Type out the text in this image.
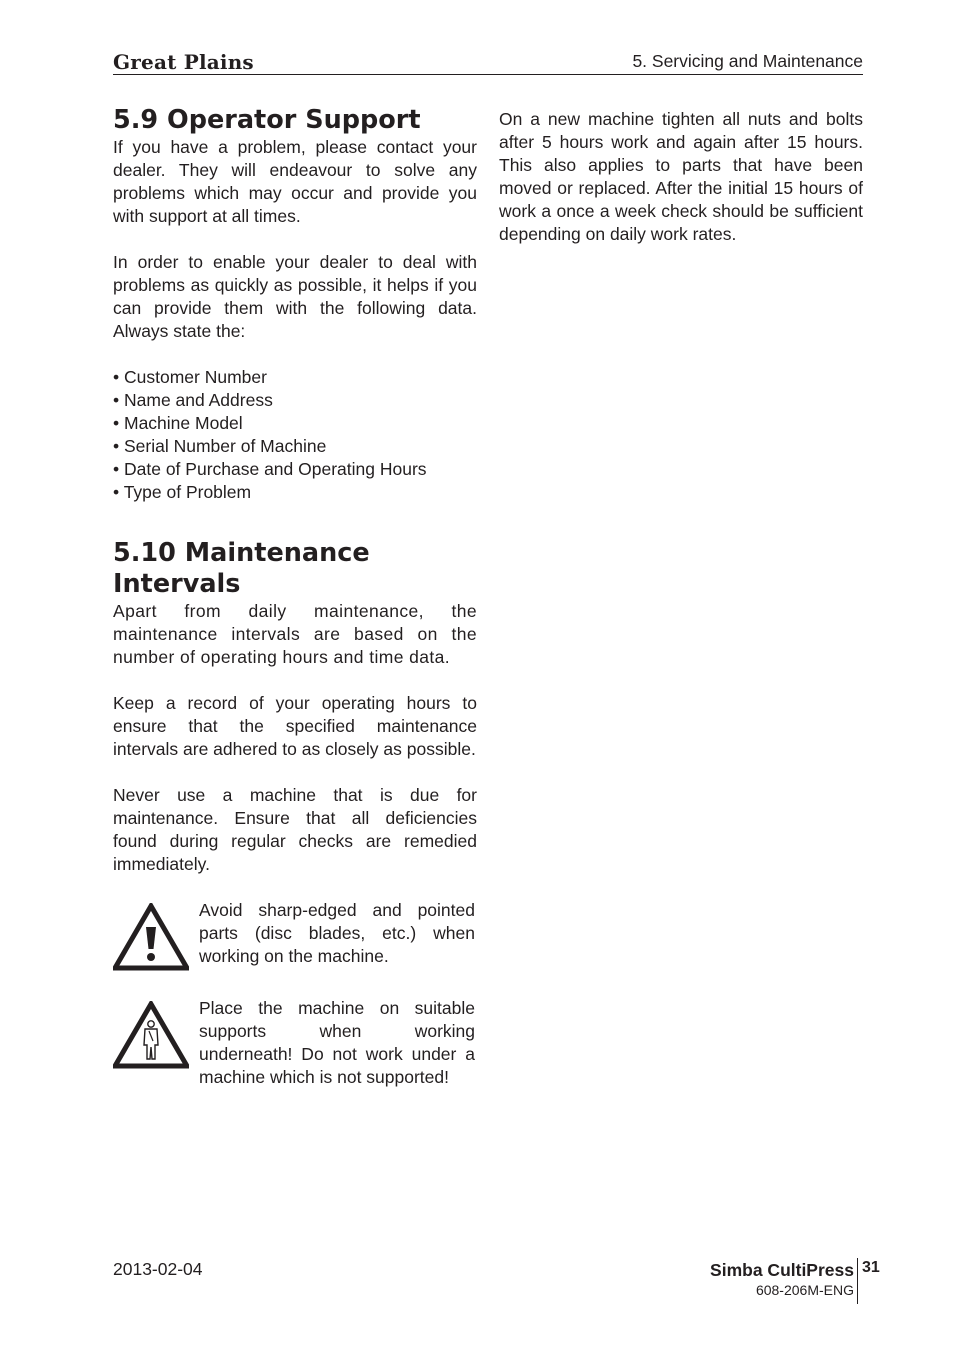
Great Plains	5. Servicing and Maintenance
5.9 Operator Support

If you have a problem, please contact your dealer. They will endeavour to solve any problems which may occur and provide you with support at all times.

In order to enable your dealer to deal with problems as quickly as possible, it helps if you can provide them with the following data. Always state the:

• Customer Number
• Name and Address
• Machine Model
• Serial Number of Machine
• Date of Purchase and Operating Hours
• Type of Problem
5.10 Maintenance
Intervals

Apart from daily maintenance, the maintenance intervals are based on the number of operating hours and time data.

Keep a record of your operating hours to ensure that the specified maintenance intervals are adhered to as closely as possible.

Never use a machine that is due for maintenance. Ensure that all deficiencies found during regular checks are remedied immediately.

Avoid sharp-edged and pointed parts (disc blades, etc.) when working on the machine.

Place the machine on suitable supports when working underneath! Do not work under a machine which is not supported!

On a new machine tighten all nuts and bolts after 5 hours work and again after 15 hours. This also applies to parts that have been moved or replaced. After the initial 15 hours of work a once a week check should be sufficient depending on daily work rates.

2013-02-04	Simba CultiPress
608-206M-ENG
31
